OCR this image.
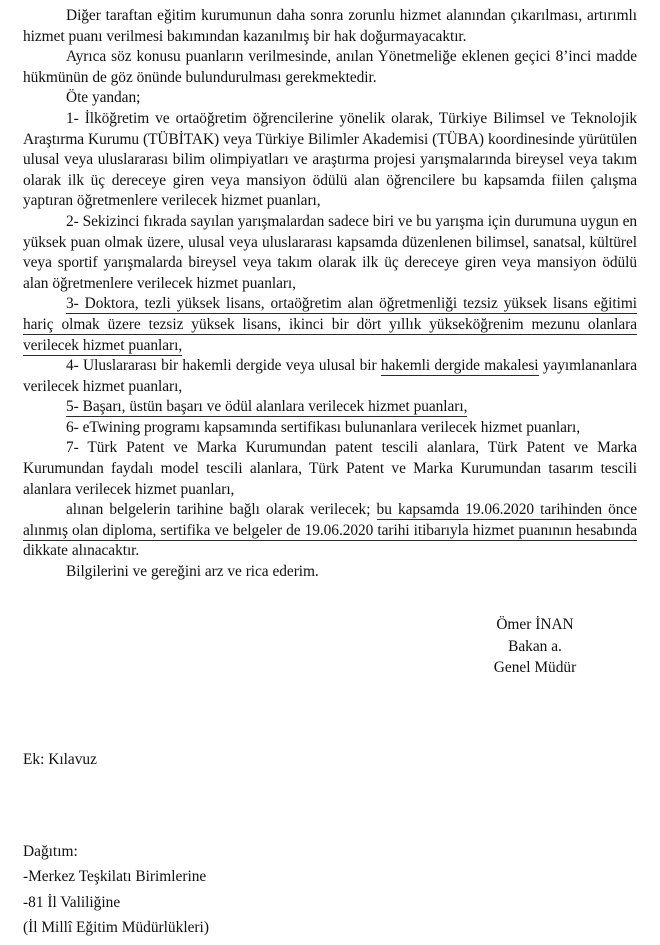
Diğer taraftan eğitim kurumunun daha sonra zorunlu hizmet alanından çıkarılması, artırımlı hizmet puanı verilmesi bakımından kazanılmış bir hak doğurmayacaktır.

Ayrıca söz konusu puanların verilmesinde, anılan Yönetmeliğe eklenen geçici 8’inci madde hükmünün de göz önünde bulundurulması gerekmektedir.

Öte yandan;

1- İlköğretim ve ortaöğretim öğrencilerine yönelik olarak, Türkiye Bilimsel ve Teknolojik Araştırma Kurumu (TÜBİTAK) veya Türkiye Bilimler Akademisi (TÜBA) koordinesinde yürütülen ulusal veya uluslararası bilim olimpiyatları ve araştırma projesi yarışmalarında bireysel veya takım olarak ilk üç dereceye giren veya mansiyon ödülü alan öğrencilere bu kapsamda fiilen çalışma yaptıran öğretmenlere verilecek hizmet puanları,

2- Sekizinci fıkrada sayılan yarışmalardan sadece biri ve bu yarışma için durumuna uygun en yüksek puan olmak üzere, ulusal veya uluslararası kapsamda düzenlenen bilimsel, sanatsal, kültürel veya sportif yarışmalarda bireysel veya takım olarak ilk üç dereceye giren veya mansiyon ödülü alan öğretmenlere verilecek hizmet puanları,

3- Doktora, tezli yüksek lisans, ortaöğretim alan öğretmenliği tezsiz yüksek lisans eğitimi hariç olmak üzere tezsiz yüksek lisans, ikinci bir dört yıllık yükseköğrenim mezunu olanlara verilecek hizmet puanları,

4- Uluslararası bir hakemli dergide veya ulusal bir hakemli dergide makalesi yayımlananlara verilecek hizmet puanları,

5- Başarı, üstün başarı ve ödül alanlara verilecek hizmet puanları,

6- eTwining programı kapsamında sertifikası bulunanlara verilecek hizmet puanları,

7- Türk Patent ve Marka Kurumundan patent tescili alanlara, Türk Patent ve Marka Kurumundan faydalı model tescili alanlara, Türk Patent ve Marka Kurumundan tasarım tescili alanlara verilecek hizmet puanları,

alınan belgelerin tarihine bağlı olarak verilecek; bu kapsamda 19.06.2020 tarihinden önce alınmış olan diploma, sertifika ve belgeler de 19.06.2020 tarihi itibarıyla hizmet puanının hesabında dikkate alınacaktır.

Bilgilerini ve gereğini arz ve rica ederim.

Ömer İNAN
Bakan a.
Genel Müdür
Ek: Kılavuz
Dağıtım:
-Merkez Teşkilatı Birimlerine
-81 İl Valiliğine
(İl Millî Eğitim Müdürlükleri)
